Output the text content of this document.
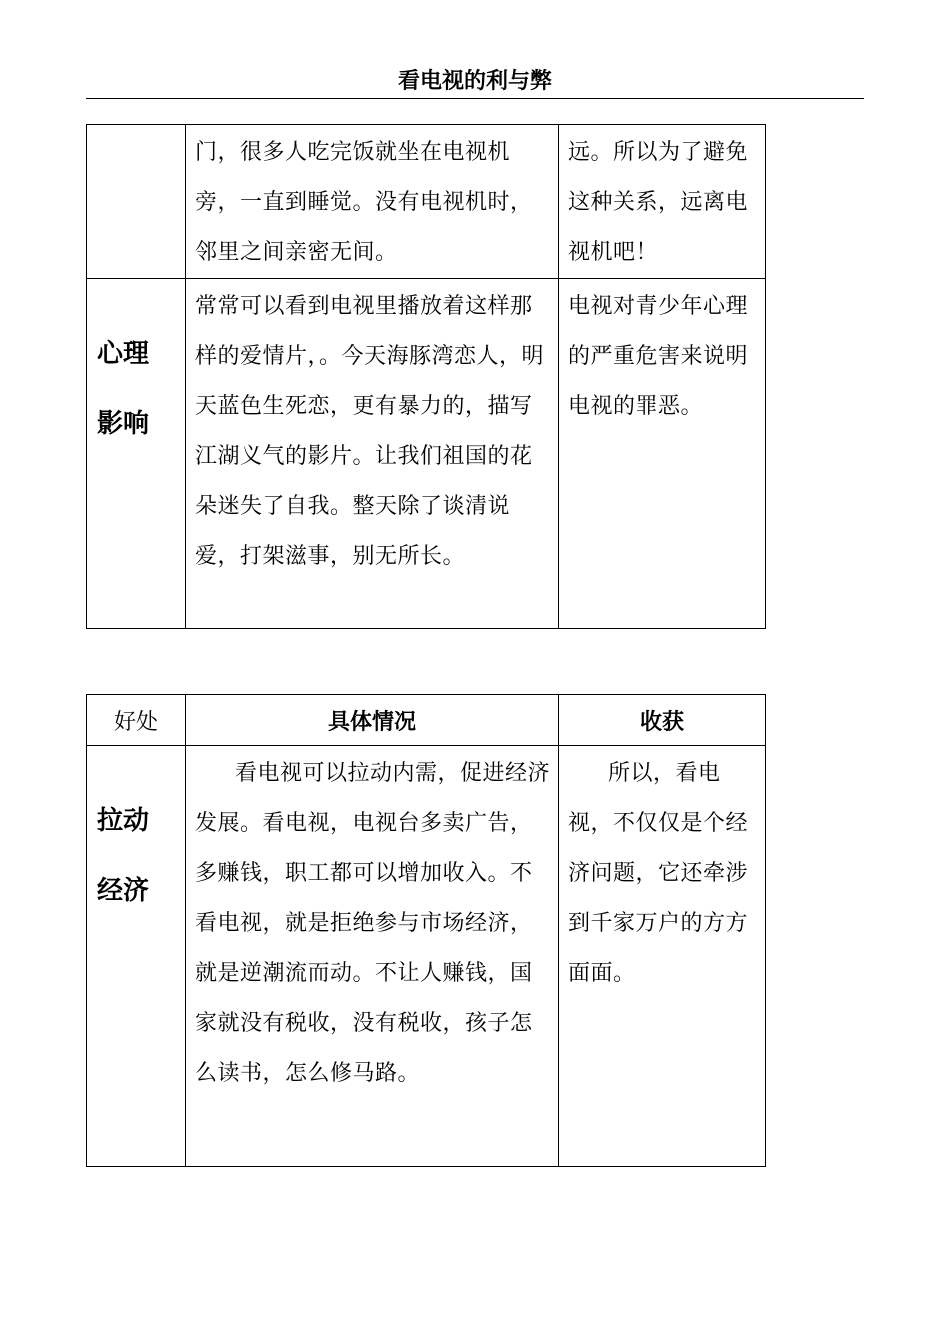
看电视的利与弊

	门，很多人吃完饭就坐在电视机旁，一直到睡觉。没有电视机时，邻里之间亲密无间。	远。所以为了避免这种关系，远离电视机吧！

心理
影响	常常可以看到电视里播放着这样那样的爱情片，。今天海豚湾恋人，明天蓝色生死恋，更有暴力的，描写江湖义气的影片。让我们祖国的花朵迷失了自我。整天除了谈清说爱，打架滋事，别无所长。	电视对青少年心理的严重危害来说明电视的罪恶。
好处	具体情况	收获

拉动
经济	看电视可以拉动内需，促进经济发展。看电视，电视台多卖广告，多赚钱，职工都可以增加收入。不看电视，就是拒绝参与市场经济，就是逆潮流而动。不让人赚钱，国家就没有税收，没有税收，孩子怎么读书，怎么修马路。	所以，看电视，不仅仅是个经济问题，它还牵涉到千家万户的方方面面。
